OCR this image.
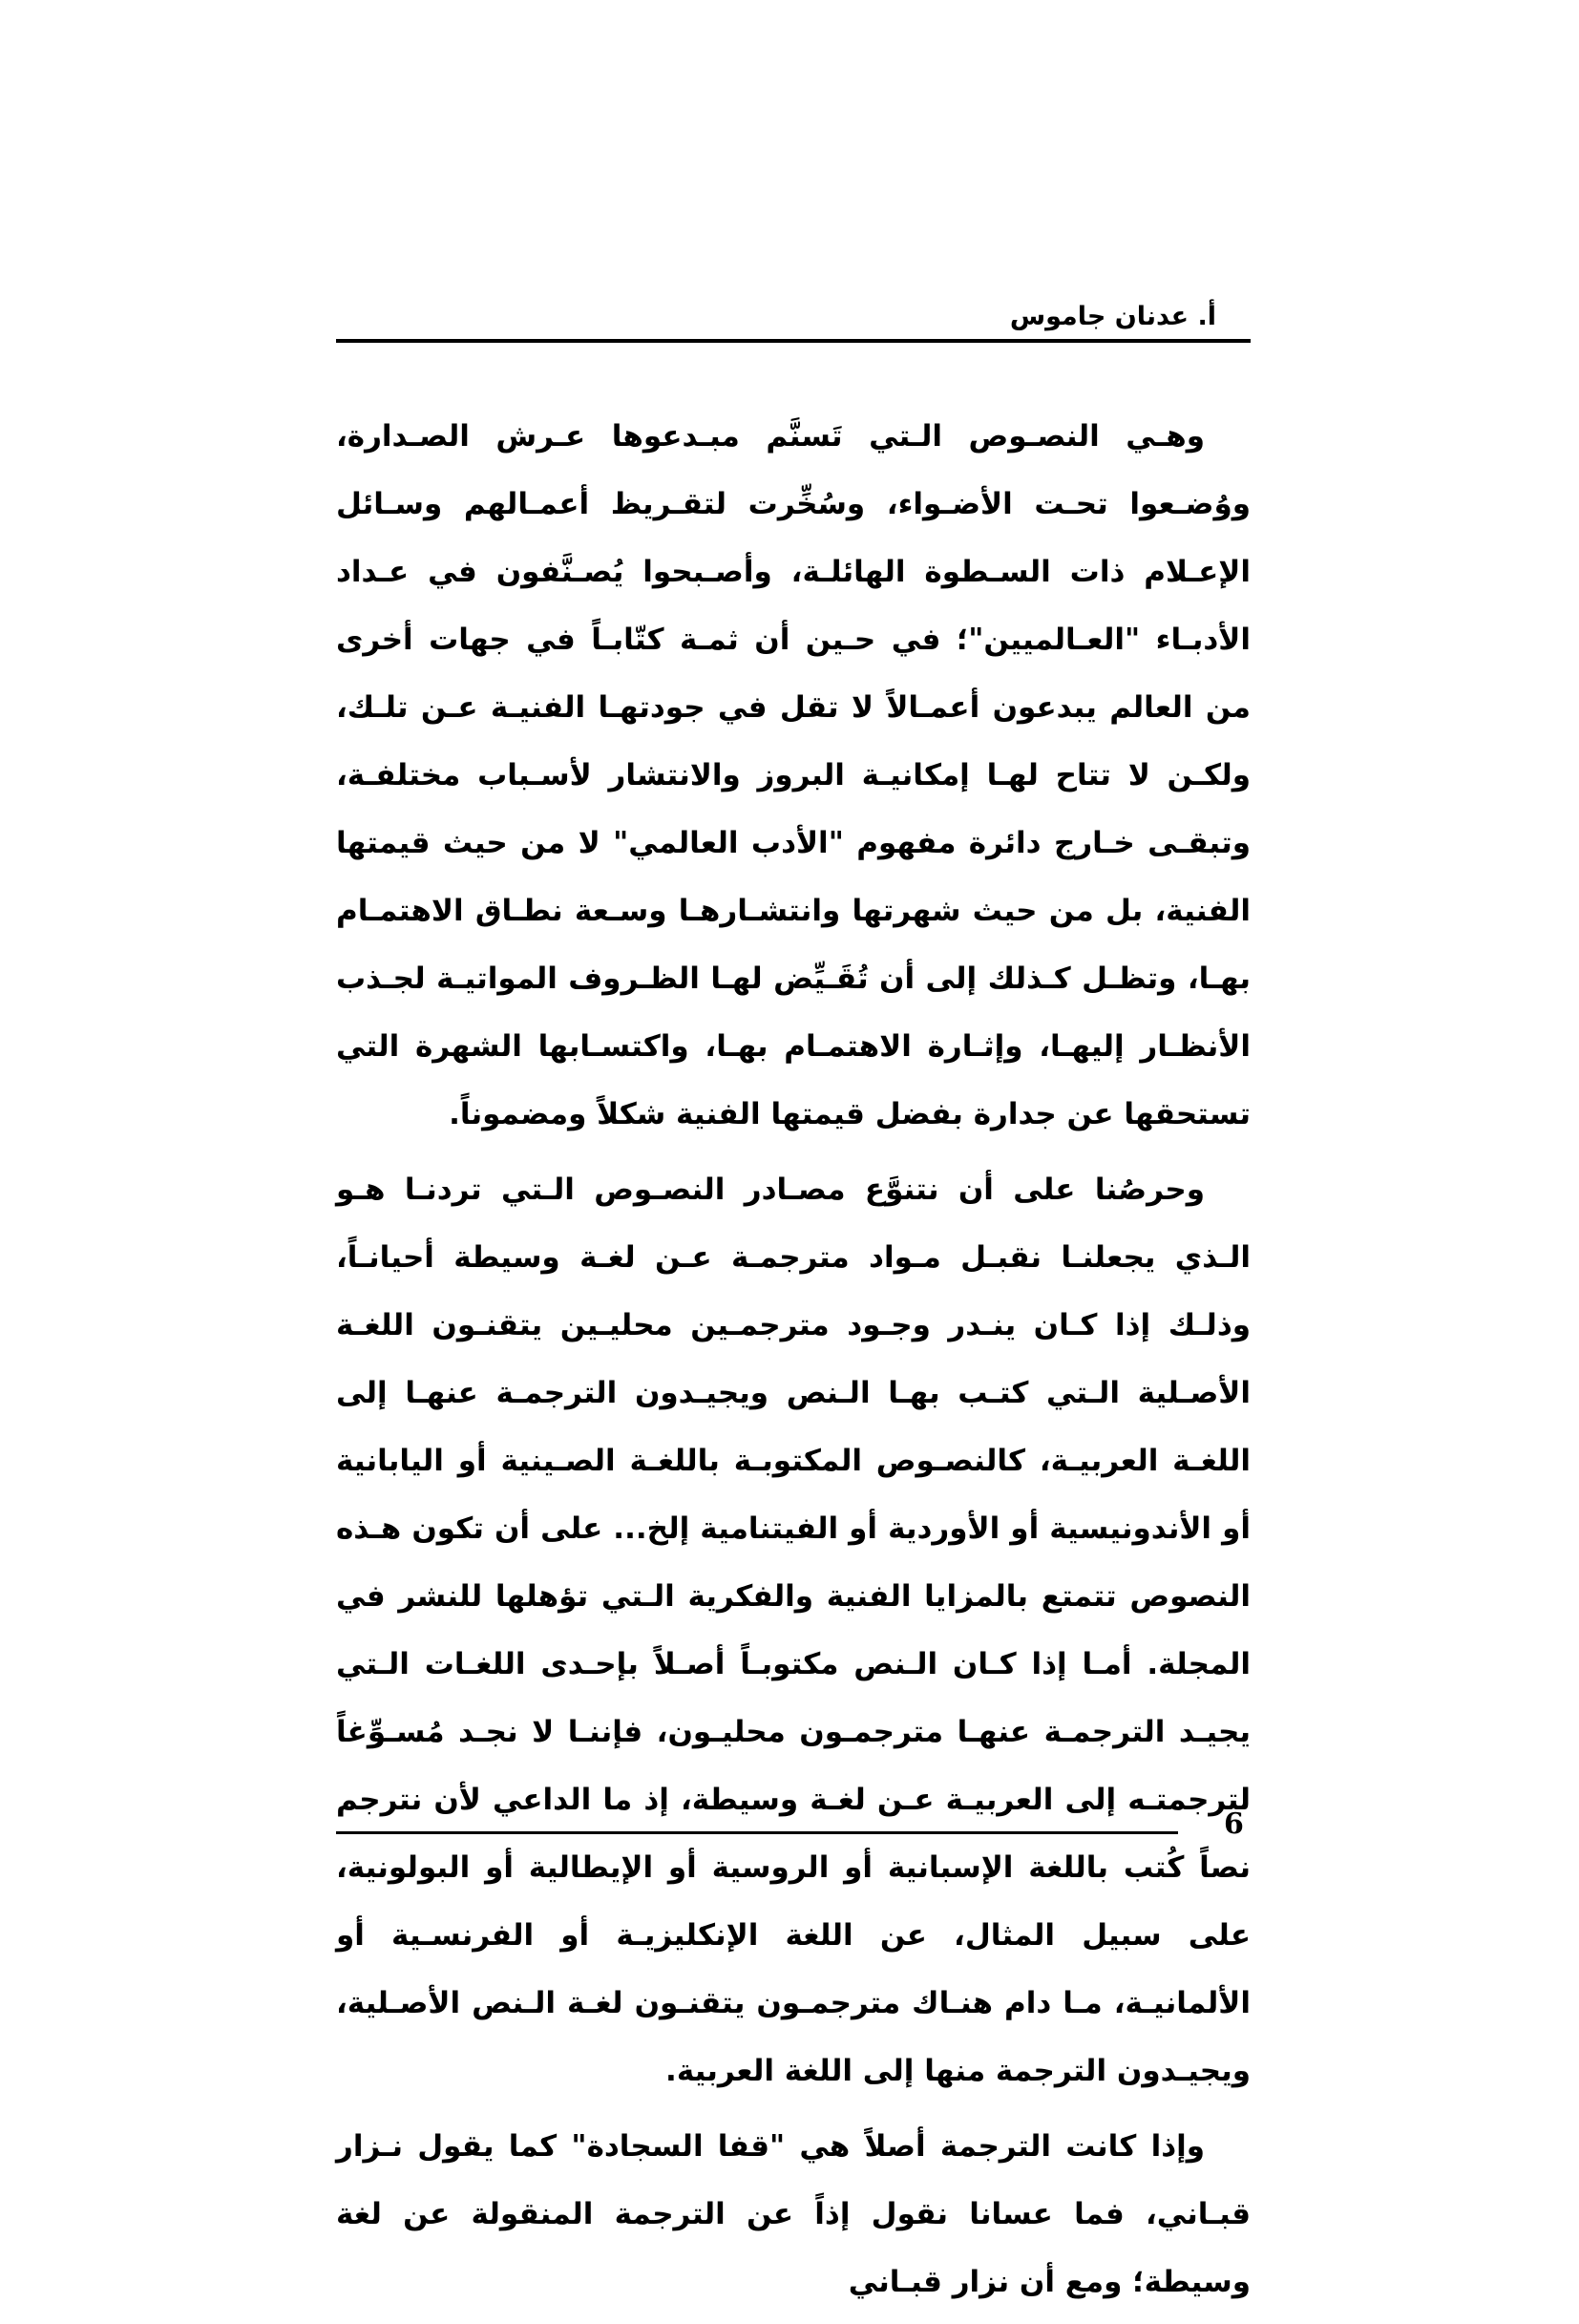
أ. عدنان جاموس

وهـي النصـوص الـتي تَسنَّم مبـدعوها عـرش الصـدارة، ووُضـعوا تحـت الأضـواء، وسُخِّرت لتقـريظ أعمـالهم وسـائل الإعـلام ذات السـطوة الهائلـة، وأصـبحوا يُصـنَّفون في عـداد الأدبـاء "العـالميين"؛ في حـين أن ثمـة كتّابـاً في جهات أخرى من العالم يبدعون أعمـالاً لا تقل في جودتهـا الفنيـة عـن تلـك، ولكـن لا تتاح لهـا إمكانيـة البروز والانتشار لأسـباب مختلفـة، وتبقـى خـارج دائرة مفهوم "الأدب العالمي" لا من حيث قيمتها الفنية، بل من حيث شهرتها وانتشـارهـا وسـعة نطـاق الاهتمـام بهـا، وتظـل كـذلك إلى أن تُقَـيِّض لهـا الظـروف المواتيـة لجـذب الأنظـار إليهـا، وإثـارة الاهتمـام بهـا، واكتسـابها الشهرة التي تستحقها عن جدارة بفضل قيمتها الفنية شكلاً ومضموناً.

وحرصُنا على أن نتنوَّع مصـادر النصـوص الـتي تردنـا هـو الـذي يجعلنـا نقبـل مـواد مترجمـة عـن لغـة وسيطة أحيانـاً، وذلـك إذا كـان ينـدر وجـود مترجمـين محليـين يتقنـون اللغـة الأصـلية الـتي كتـب بهـا الـنص ويجيـدون الترجمـة عنهـا إلى اللغـة العربيـة، كالنصـوص المكتوبـة باللغـة الصـينية أو اليابانية أو الأندونيسية أو الأوردية أو الفيتنامية إلخ... على أن تكون هـذه النصوص تتمتع بالمزايا الفنية والفكرية الـتي تؤهلها للنشر في المجلة. أمـا إذا كـان الـنص مكتوبـاً أصـلاً بإحـدى اللغـات الـتي يجيـد الترجمـة عنهـا مترجمـون محليـون، فإننـا لا نجـد مُسـوِّغاً لترجمتـه إلى العربيـة عـن لغـة وسيطة، إذ ما الداعي لأن نترجم نصاً كُتب باللغة الإسبانية أو الروسية أو الإيطالية أو البولونية، على سبيل المثال، عن اللغة الإنكليزيـة أو الفرنسـية أو الألمانيـة، مـا دام هنـاك مترجمـون يتقنـون لغـة الـنص الأصـلية، ويجيـدون الترجمة منها إلى اللغة العربية.

وإذا كانت الترجمة أصلاً هي "قفا السجادة" كما يقول نـزار قبـاني، فما عسانا نقول إذاً عن الترجمة المنقولة عن لغة وسيطة؛ ومع أن نزار قبـاني

6
